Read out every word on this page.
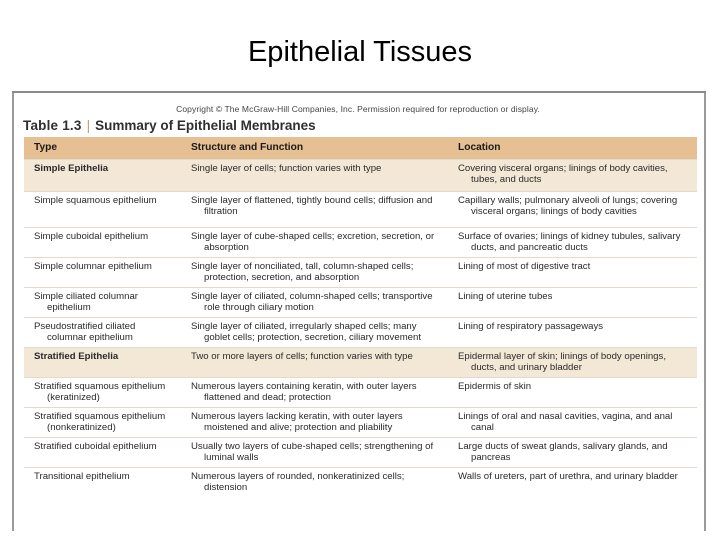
Epithelial Tissues
Copyright © The McGraw-Hill Companies, Inc. Permission required for reproduction or display.
Table 1.3 | Summary of Epithelial Membranes
Type	Structure and Function	Location

Simple Epithelia	Single layer of cells; function varies with type	Covering visceral organs; linings of body cavities, tubes, and ducts

Simple squamous epithelium	Single layer of flattened, tightly bound cells; diffusion and filtration	Capillary walls; pulmonary alveoli of lungs; covering visceral organs; linings of body cavities

Simple cuboidal epithelium	Single layer of cube-shaped cells; excretion, secretion, or absorption	Surface of ovaries; linings of kidney tubules, salivary ducts, and pancreatic ducts

Simple columnar epithelium	Single layer of nonciliated, tall, column-shaped cells; protection, secretion, and absorption	Lining of most of digestive tract

Simple ciliated columnar epithelium	Single layer of ciliated, column-shaped cells; transportive role through ciliary motion	Lining of uterine tubes

Pseudostratified ciliated columnar epithelium	Single layer of ciliated, irregularly shaped cells; many goblet cells; protection, secretion, ciliary movement	Lining of respiratory passageways

Stratified Epithelia	Two or more layers of cells; function varies with type	Epidermal layer of skin; linings of body openings, ducts, and urinary bladder

Stratified squamous epithelium (keratinized)	Numerous layers containing keratin, with outer layers flattened and dead; protection	Epidermis of skin

Stratified squamous epithelium (nonkeratinized)	Numerous layers lacking keratin, with outer layers moistened and alive; protection and pliability	Linings of oral and nasal cavities, vagina, and anal canal

Stratified cuboidal epithelium	Usually two layers of cube-shaped cells; strengthening of luminal walls	Large ducts of sweat glands, salivary glands, and pancreas

Transitional epithelium	Numerous layers of rounded, nonkeratinized cells; distension	Walls of ureters, part of urethra, and urinary bladder
